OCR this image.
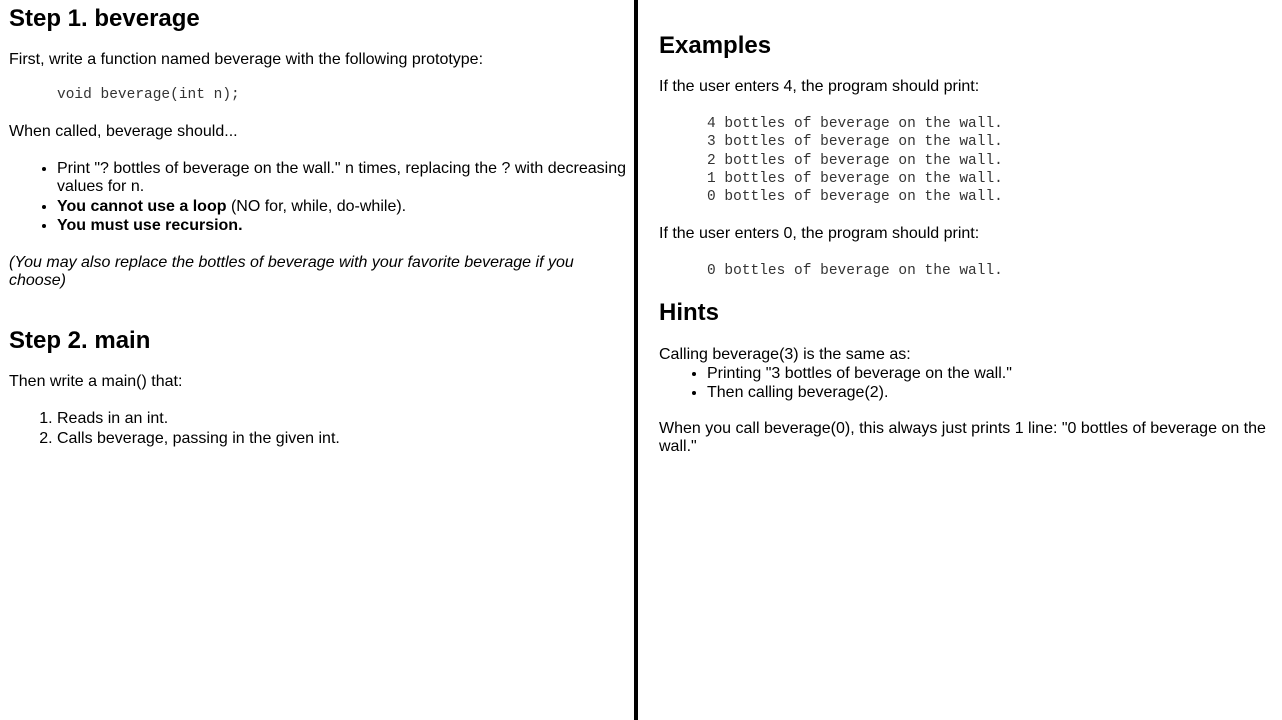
Step 1. beverage

First, write a function named beverage with the following prototype:

void beverage(int n);

When called, beverage should...

• Print "? bottles of beverage on the wall." n times, replacing the ? with decreasing values for n.
• You cannot use a loop (NO for, while, do-while).
• You must use recursion.

(You may also replace the bottles of beverage with your favorite beverage if you choose)

Step 2. main

Then write a main() that:

1. Reads in an int.
2. Calls beverage, passing in the given int.
Examples

If the user enters 4, the program should print:

4 bottles of beverage on the wall.
3 bottles of beverage on the wall.
2 bottles of beverage on the wall.
1 bottles of beverage on the wall.
0 bottles of beverage on the wall.

If the user enters 0, the program should print:

0 bottles of beverage on the wall.
Hints

Calling beverage(3) is the same as:

• Printing "3 bottles of beverage on the wall."
• Then calling beverage(2).

When you call beverage(0), this always just prints 1 line: "0 bottles of beverage on the wall."
